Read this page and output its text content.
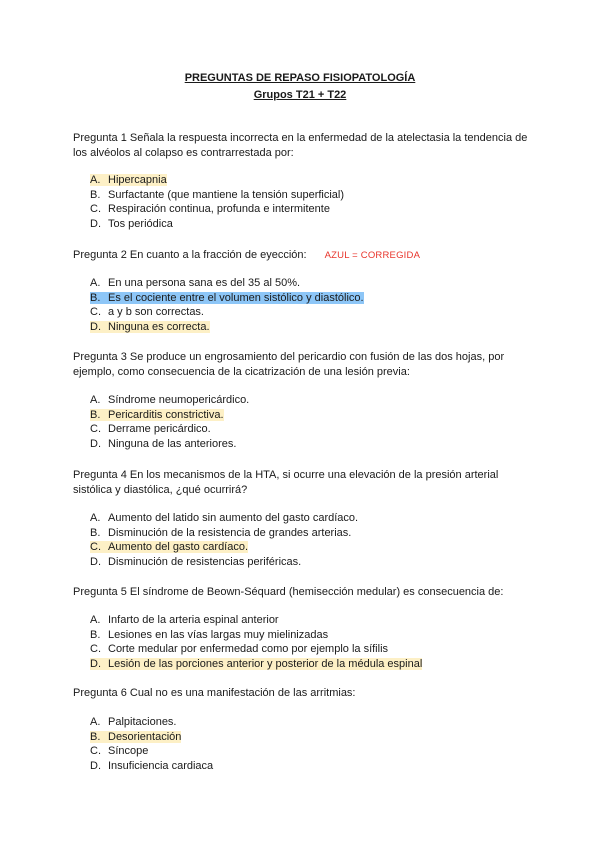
PREGUNTAS DE REPASO FISIOPATOLOGÍA
Grupos T21 + T22
Pregunta 1 Señala la respuesta incorrecta en la enfermedad de la atelectasia la tendencia de los alvéolos al colapso es contrarrestada por:
A. Hipercapnia
B. Surfactante (que mantiene la tensión superficial)
C. Respiración continua, profunda e intermitente
D. Tos periódica
Pregunta 2 En cuanto a la fracción de eyección: AZUL = CORREGIDA
A. En una persona sana es del 35 al 50%.
B. Es el cociente entre el volumen sistólico y diastólico.
C. a y b son correctas.
D. Ninguna es correcta.
Pregunta 3 Se produce un engrosamiento del pericardio con fusión de las dos hojas, por ejemplo, como consecuencia de la cicatrización de una lesión previa:
A. Síndrome neumopericárdico.
B. Pericarditis constrictiva.
C. Derrame pericárdico.
D. Ninguna de las anteriores.
Pregunta 4 En los mecanismos de la HTA, si ocurre una elevación de la presión arterial sistólica y diastólica, ¿qué ocurrirá?
A. Aumento del latido sin aumento del gasto cardíaco.
B. Disminución de la resistencia de grandes arterias.
C. Aumento del gasto cardíaco.
D. Disminución de resistencias periféricas.
Pregunta 5 El síndrome de Beown-Séquard (hemisección medular) es consecuencia de:
A. Infarto de la arteria espinal anterior
B. Lesiones en las vías largas muy mielinizadas
C. Corte medular por enfermedad como por ejemplo la sífilis
D. Lesión de las porciones anterior y posterior de la médula espinal
Pregunta 6 Cual no es una manifestación de las arritmias:
A. Palpitaciones.
B. Desorientación
C. Síncope
D. Insuficiencia cardiaca
